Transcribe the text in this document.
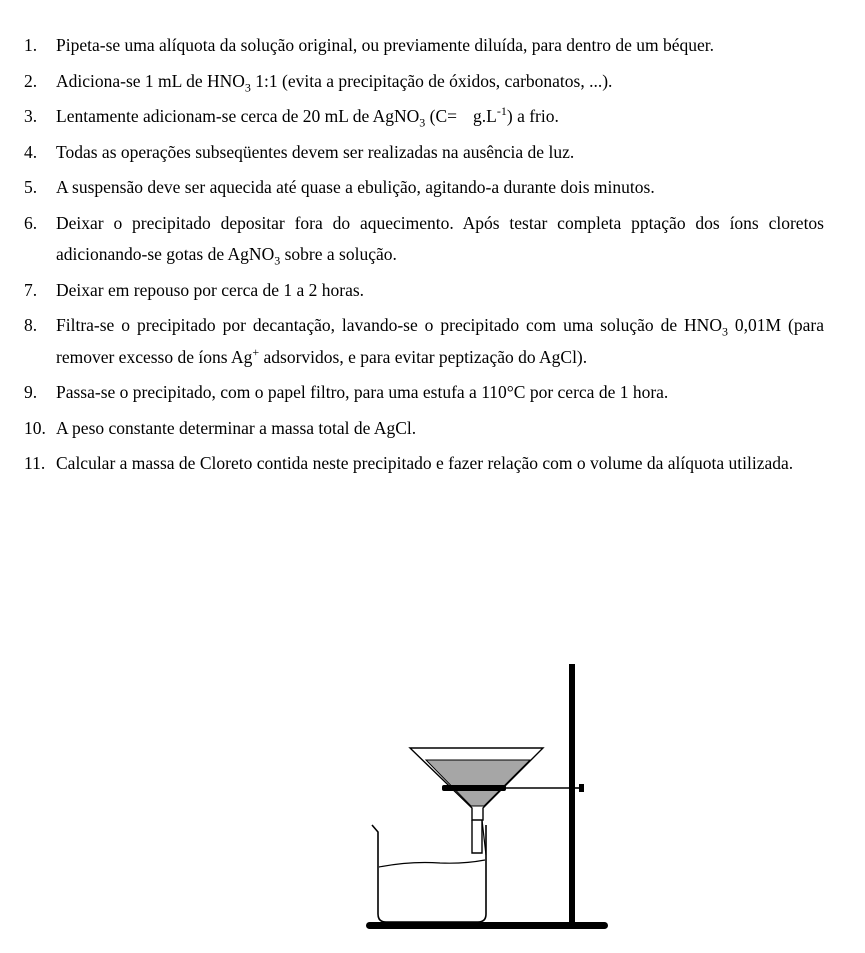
1.	Pipeta-se uma alíquota da solução original, ou previamente diluída, para dentro de um béquer.
2.	Adiciona-se 1 mL de $HNO_3$ 1:1 (evita a precipitação de óxidos, carbonatos, ...).
3.	Lentamente adicionam-se cerca de 20 mL de AgNO$_3$ $(C= g.L^{-1})$ a frio.
4.	Todas as operações subseqüentes devem ser realizadas na ausência de luz.
5.	A suspensão deve ser aquecida até quase a ebulição, agitando-a durante dois minutos.
6.	Deixar o precipitado depositar fora do aquecimento. Após testar completa pptação dos íons cloretos adicionando-se gotas de AgNO$_3$ sobre a solução.
7.	Deixar em repouso por cerca de 1 a 2 horas.
8.	Filtra-se o precipitado por decantação, lavando-se o precipitado com uma solução de $HNO_3$ 0,01M (para remover excesso de íons Ag+ adsorvidos, e para evitar peptização do AgCl).
9.	Passa-se o precipitado, com o papel filtro, para uma estufa a 110°C por cerca de 1 hora.
10. A peso constante determinar a massa total de AgCl.
11. Calcular a massa de Cloreto contida neste precipitado e fazer relação com o volume da alíquota utilizada.
